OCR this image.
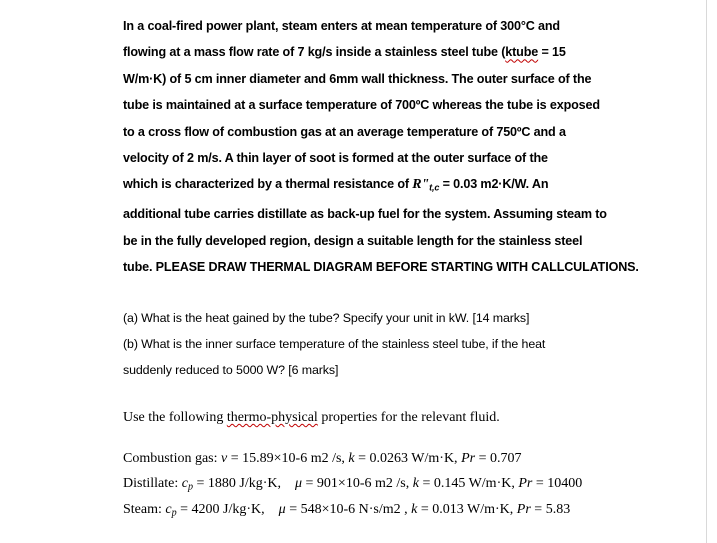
In a coal-fired power plant, steam enters at mean temperature of 300°C and
flowing at a mass flow rate of 7 kg/s inside a stainless steel tube (ktube = 15
W/m·K) of 5 cm inner diameter and 6mm wall thickness. The outer surface of the
tube is maintained at a surface temperature of 700ºC whereas the tube is exposed
to a cross flow of combustion gas at an average temperature of 750ºC and a
velocity of 2 m/s. A thin layer of soot is formed at the outer surface of the
which is characterized by a thermal resistance of $R"_{t,c} = 0.03$ m2·K/W. An
additional tube carries distillate as back-up fuel for the system. Assuming steam to
be in the fully developed region, design a suitable length for the stainless steel
tube. PLEASE DRAW THERMAL DIAGRAM BEFORE STARTING WITH CALLCULATIONS.
(a) What is the heat gained by the tube? Specify your unit in kW. [14 marks]
(b) What is the inner surface temperature of the stainless steel tube, if the heat
suddenly reduced to 5000 W? [6 marks]
Use the following thermo-physical properties for the relevant fluid.
Combustion gas: ν = 15.89×10-6 m2 /s, k = 0.0263 W/m·K, Pr = 0.707
Distillate: $c_p = 1880$ J/kg·K, μ = 901×10-6 m2 /s, k = 0.145 W/m·K, Pr = 10400
Steam: $c_p = 4200$ J/kg·K, μ = 548×10-6 N·s/m2 , k = 0.013 W/m·K, Pr = 5.83
